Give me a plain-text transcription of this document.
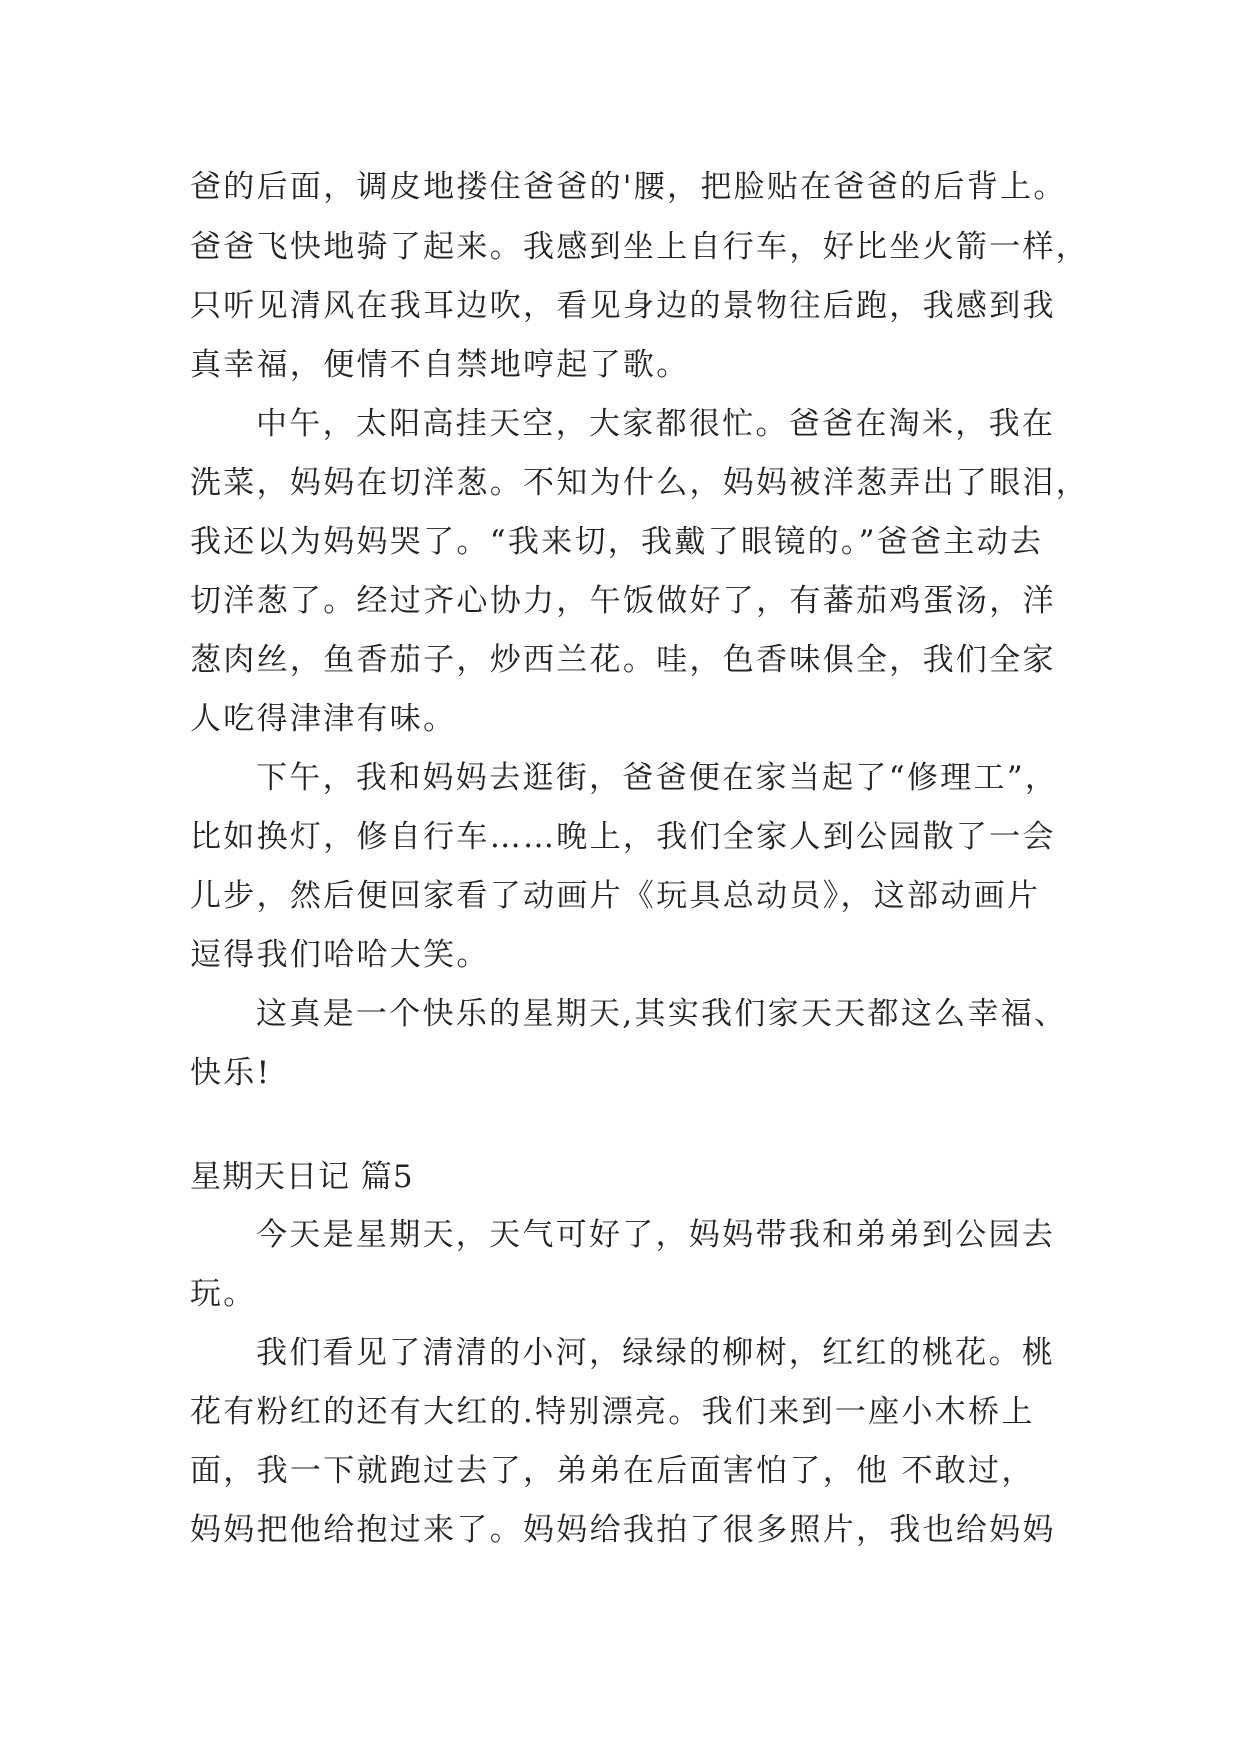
爸的后面，调皮地搂住爸爸的'腰，把脸贴在爸爸的后背上。
爸爸飞快地骑了起来。我感到坐上自行车，好比坐火箭一样，
只听见清风在我耳边吹，看见身边的景物往后跑，我感到我
真幸福，便情不自禁地哼起了歌。
中午，太阳高挂天空，大家都很忙。爸爸在淘米，我在
洗菜，妈妈在切洋葱。不知为什么，妈妈被洋葱弄出了眼泪，
我还以为妈妈哭了。“我来切，我戴了眼镜的。”爸爸主动去
切洋葱了。经过齐心协力，午饭做好了，有蕃茄鸡蛋汤，洋
葱肉丝，鱼香茄子，炒西兰花。哇，色香味俱全，我们全家
人吃得津津有味。
下午，我和妈妈去逛街，爸爸便在家当起了“修理工”，
比如换灯，修自行车……晚上，我们全家人到公园散了一会
儿步，然后便回家看了动画片《玩具总动员》，这部动画片
逗得我们哈哈大笑。
这真是一个快乐的星期天,其实我们家天天都这么幸福、
快乐!
星期天日记 篇5
今天是星期天，天气可好了，妈妈带我和弟弟到公园去
玩。
我们看见了清清的小河，绿绿的柳树，红红的桃花。桃
花有粉红的还有大红的.特别漂亮。我们来到一座小木桥上
面，我一下就跑过去了，弟弟在后面害怕了，他 不敢过，
妈妈把他给抱过来了。妈妈给我拍了很多照片，我也给妈妈
